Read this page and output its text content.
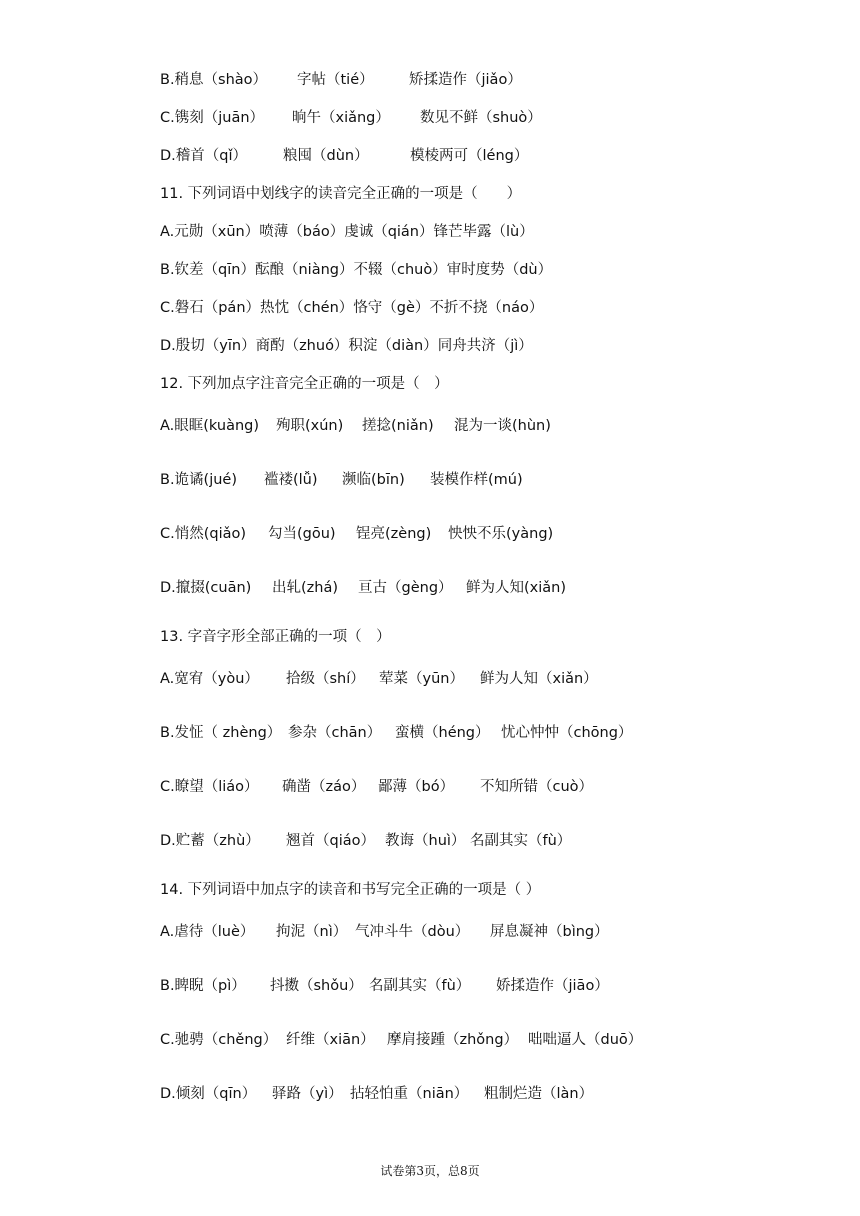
B.稍息（shào） 字帖（tié） 矫揉造作（jiǎo）
C.镌刻（juān） 晌午（xiǎng） 数见不鲜（shuò）
D.稽首（qǐ） 粮囤（dùn）	模棱两可（léng）
11. 下列词语中划线字的读音完全正确的一项是（　　）
A.元勋（xūn）喷薄（báo）虔诚（qián）锋芒毕露（lù）
B.钦差（qīn）酝酿（niàng）不辍（chuò）审时度势（dù）
C.磐石（pán）热忱（chén）恪守（gè）不折不挠（náo）
D.殷切（yīn）商酌（zhuó）积淀（diàn）同舟共济（jì）
12. 下列加点字注音完全正确的一项是（　）
A.眼眶(kuàng) 殉职(xún) 搓捻(niǎn) 混为一谈(hùn)
B.诡谲(jué) 褴褛(lǚ) 濒临(bīn) 装模作样(mú)
C.悄然(qiǎo) 勾当(gōu) 锃亮(zèng) 怏怏不乐(yàng)
D.攛掇(cuān) 出轧(zhá) 亘古（gèng） 鲜为人知(xiǎn)
13. 字音字形全部正确的一项（　）
A.宽宥（yòu） 拾级（shí） 荤菜（yūn） 鲜为人知（xiǎn）
B.发怔（ zhèng） 参杂（chān） 蛮横（héng） 忧心忡忡（chōng）
C.瞭望（liáo） 确凿（záo） 鄙薄（bó） 不知所错（cuò）
D.贮蓄（zhù） 翘首（qiáo） 教诲（huì） 名副其实（fù）
14. 下列词语中加点字的读音和书写完全正确的一项是（ ）
A.虐待（luè） 拘泥（nì） 气冲斗牛（dòu） 屏息凝神（bìng）
B.睥睨（pì） 抖擞（shǒu） 名副其实（fù） 娇揉造作（jiāo）
C.驰骋（chěng） 纤维（xiān） 摩肩接踵（zhǒng） 咄咄逼人（duō）
D.倾刻（qīn） 驿路（yì） 拈轻怕重（niān） 粗制烂造（làn）
试卷第3页，总8页
